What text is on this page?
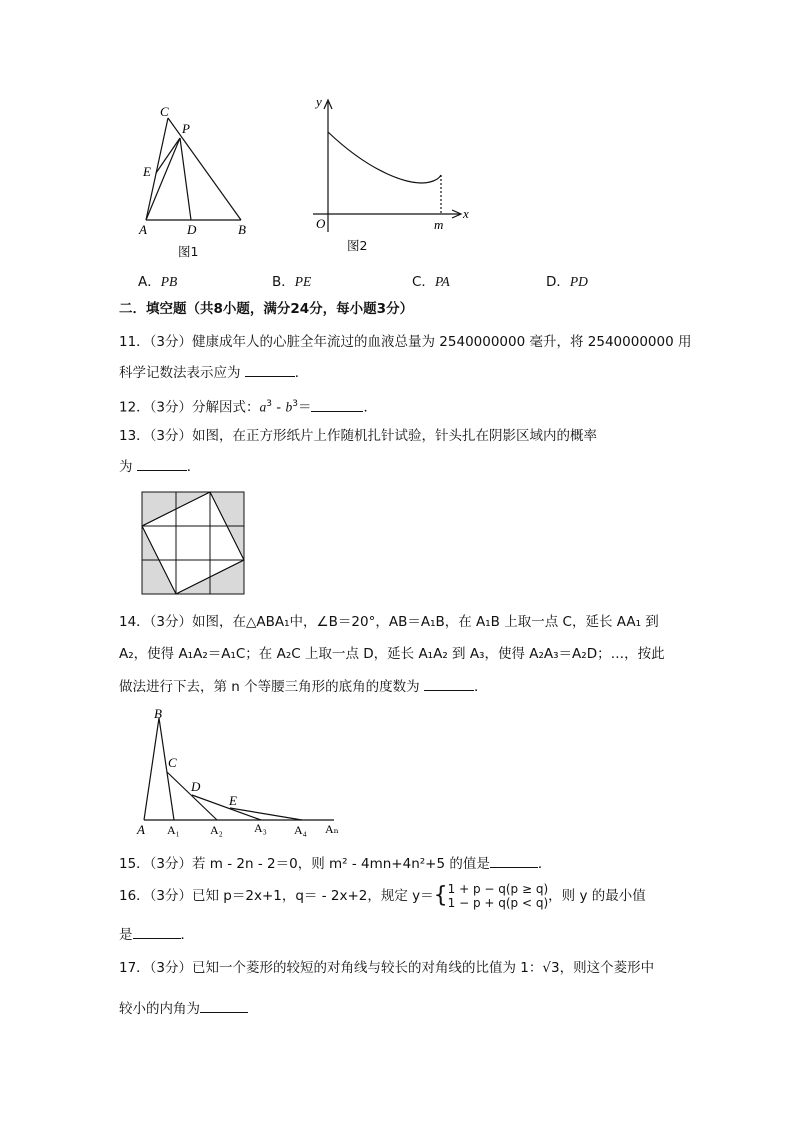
C
P
E
A	D	B
图1
y
x
O	m
图2
A．PB	B．PE	C．PA	D．PD
二．填空题（共8小题，满分24分，每小题3分）
11．（3分）健康成年人的心脏全年流过的血液总量为 2540000000 毫升，将 2540000000 用
科学记数法表示应为	．
12．（3分）分解因式：$a^3 - b^3=$	．
13．（3分）如图，在正方形纸片上作随机扎针试验，针头扎在阴影区域内的概率
为	．
14．（3分）如图，在△ABA₁中，∠B＝20°，AB＝A₁B，在 A₁B 上取一点 C，延长 AA₁ 到
A₂，使得 A₁A₂＝A₁C；在 A₂C 上取一点 D，延长 A₁A₂ 到 A₃，使得 A₂A₃＝A₂D；…，按此
做法进行下去，第 n 个等腰三角形的底角的度数为	．
B
C
D
E
A A₁	A₂	A₃ A₄ Aₙ
15．（3分）若 m - 2n - 2＝0，则 m² - 4mn+4n²+5 的值是	．
16．（3分）已知 p＝2x+1，q＝ - 2x+2，规定 y＝{1 + p − q(p ≥ q)
1 − p + q(p < q)，则 y 的最小值
是	．
17．（3分）已知一个菱形的较短的对角线与较长的对角线的比值为 1：√3，则这个菱形中
较小的内角为
